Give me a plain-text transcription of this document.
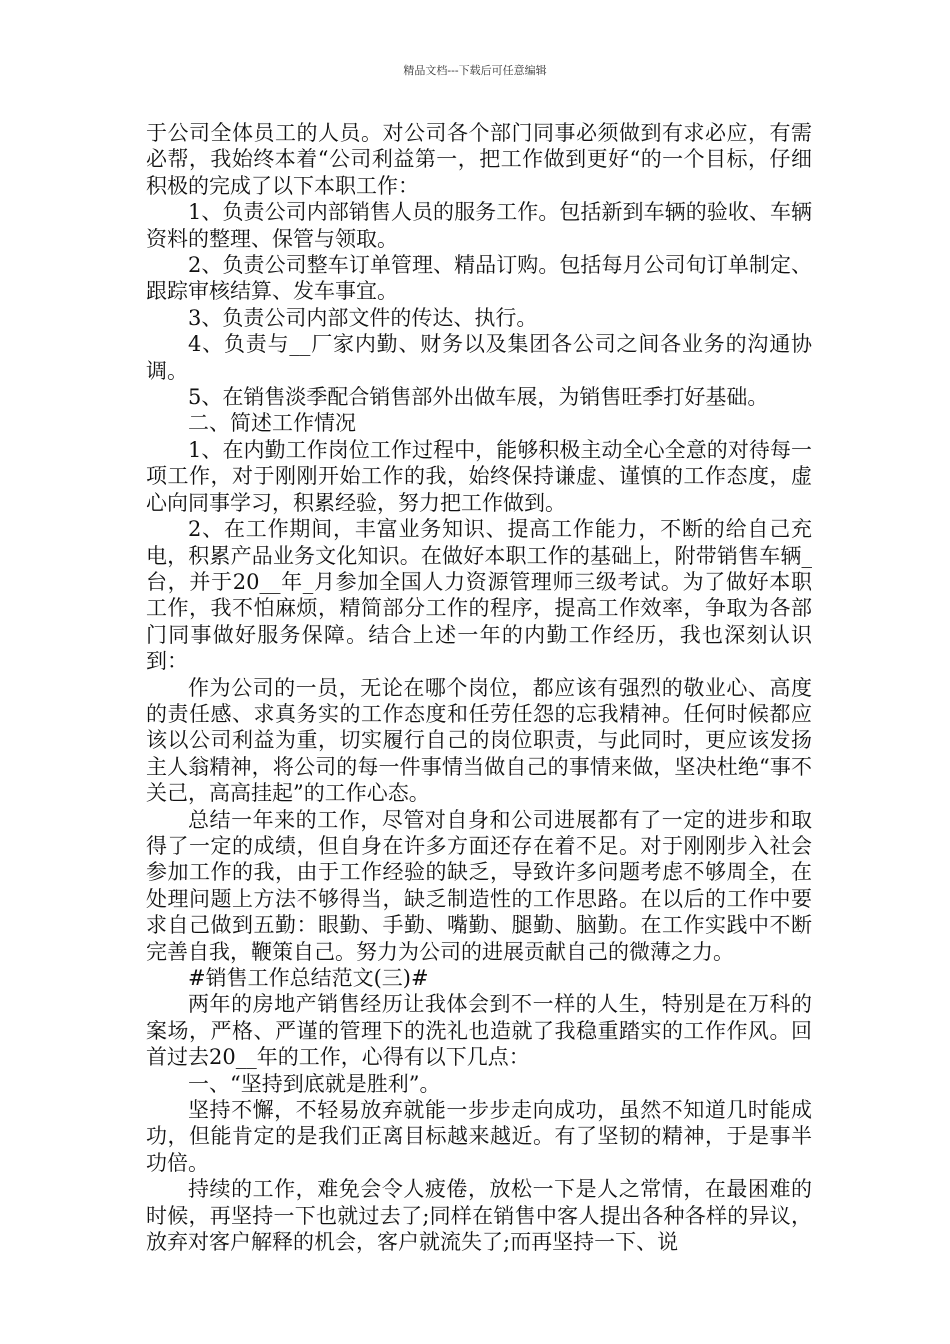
精品文档---下载后可任意编辑

于公司全体员工的人员。对公司各个部门同事必须做到有求必应，有需必帮，我始终本着“公司利益第一，把工作做到更好“的一个目标，仔细积极的完成了以下本职工作：

1、负责公司内部销售人员的服务工作。包括新到车辆的验收、车辆资料的整理、保管与领取。

2、负责公司整车订单管理、精品订购。包括每月公司旬订单制定、跟踪审核结算、发车事宜。

3、负责公司内部文件的传达、执行。

4、负责与__厂家内勤、财务以及集团各公司之间各业务的沟通协调。

5、在销售淡季配合销售部外出做车展，为销售旺季打好基础。

二、简述工作情况

1、在内勤工作岗位工作过程中，能够积极主动全心全意的对待每一项工作，对于刚刚开始工作的我，始终保持谦虚、谨慎的工作态度，虚心向同事学习，积累经验，努力把工作做到。

2、在工作期间，丰富业务知识、提高工作能力，不断的给自己充电，积累产品业务文化知识。在做好本职工作的基础上，附带销售车辆_台，并于20__年_月参加全国人力资源管理师三级考试。为了做好本职工作，我不怕麻烦，精简部分工作的程序，提高工作效率，争取为各部门同事做好服务保障。结合上述一年的内勤工作经历，我也深刻认识到：

作为公司的一员，无论在哪个岗位，都应该有强烈的敬业心、高度的责任感、求真务实的工作态度和任劳任怨的忘我精神。任何时候都应该以公司利益为重，切实履行自己的岗位职责，与此同时，更应该发扬主人翁精神，将公司的每一件事情当做自己的事情来做，坚决杜绝“事不关己，高高挂起”的工作心态。

总结一年来的工作，尽管对自身和公司进展都有了一定的进步和取得了一定的成绩，但自身在许多方面还存在着不足。对于刚刚步入社会参加工作的我，由于工作经验的缺乏，导致许多问题考虑不够周全，在处理问题上方法不够得当，缺乏制造性的工作思路。在以后的工作中要求自己做到五勤：眼勤、手勤、嘴勤、腿勤、脑勤。在工作实践中不断完善自我，鞭策自己。努力为公司的进展贡献自己的微薄之力。

#销售工作总结范文(三)#

两年的房地产销售经历让我体会到不一样的人生，特别是在万科的案场，严格、严谨的管理下的洗礼也造就了我稳重踏实的工作作风。回首过去20__年的工作，心得有以下几点：

一、“坚持到底就是胜利”。

坚持不懈，不轻易放弃就能一步步走向成功，虽然不知道几时能成功，但能肯定的是我们正离目标越来越近。有了坚韧的精神，于是事半功倍。

持续的工作，难免会令人疲倦，放松一下是人之常情，在最困难的时候，再坚持一下也就过去了;同样在销售中客人提出各种各样的异议，放弃对客户解释的机会，客户就流失了;而再坚持一下、说
